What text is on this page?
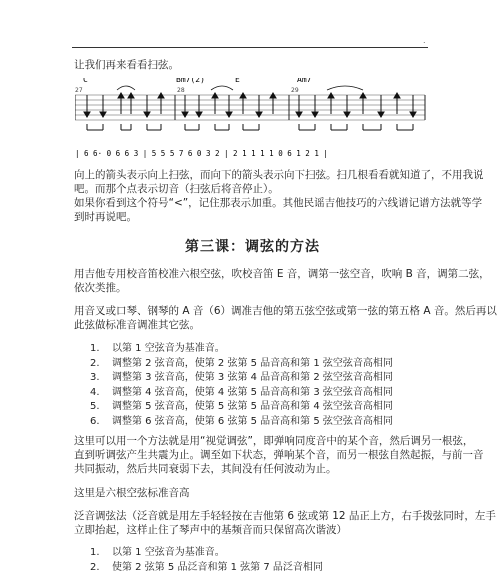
.
让我们再来看看扫弦。
C	Bm7(2)	E	Am7
27	28	29
| 6 6· 0 6 6 3 | 5 5 5 7 6 0 3 2 | 2 1 1 1 1 0 6 1 2 1 |
向上的箭头表示向上扫弦，而向下的箭头表示向下扫弦。扫几根看看就知道了，不用我说
吧。而那个点表示切音（扫弦后将音停止）。
如果你看到这个符号“<”，记住那表示加重。其他民谣吉他技巧的六线谱记谱方法就等学
到时再说吧。
第三课：调弦的方法
用吉他专用校音笛校准六根空弦，吹校音笛 E 音，调第一弦空音，吹响 B 音，调第二弦，
依次类推。
用音叉或口琴、钢琴的 A 音（6）调准吉他的第五弦空弦或第一弦的第五格 A 音。然后再以
此弦做标准音调准其它弦。
1. 以第 1 空弦音为基准音。
2. 调整第 2 弦音高，使第 2 弦第 5 品音高和第 1 弦空弦音高相同
3. 调整第 3 弦音高，使第 3 弦第 4 品音高和第 2 弦空弦音高相同
4. 调整第 4 弦音高，使第 4 弦第 5 品音高和第 3 弦空弦音高相同
5. 调整第 5 弦音高，使第 5 弦第 5 品音高和第 4 弦空弦音高相同
6. 调整第 6 弦音高，使第 6 弦第 5 品音高和第 5 弦空弦音高相同
这里可以用一个方法就是用“视觉调弦”，即弹响同度音中的某个音，然后调另一根弦，
直到听调弦产生共震为止。调至如下状态，弹响某个音，而另一根弦自然起振，与前一音
共同振动，然后共同衰弱下去，其间没有任何波动为止。
这里是六根空弦标准音高
泛音调弦法（泛音就是用左手轻轻按在吉他第 6 弦或第 12 品正上方，右手拨弦同时，左手
立即抬起，这样止住了琴声中的基频音而只保留高次谐波）
1. 以第 1 空弦音为基准音。
2. 使第 2 弦第 5 品泛音和第 1 弦第 7 品泛音相同
